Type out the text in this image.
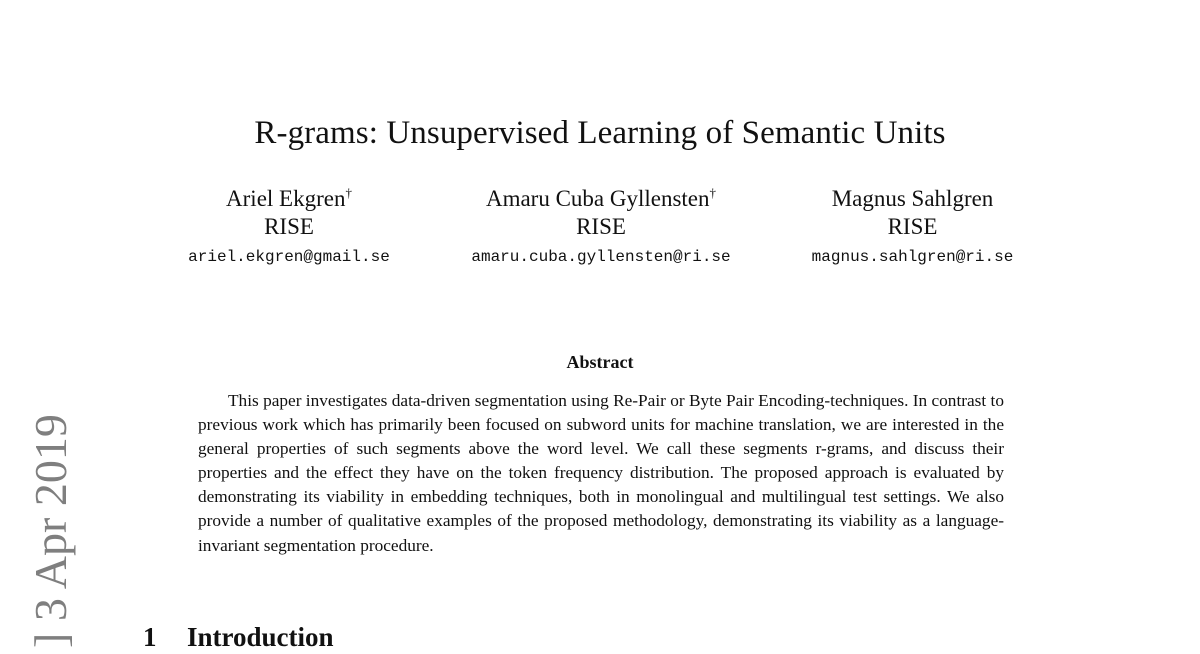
R-grams: Unsupervised Learning of Semantic Units
Ariel Ekgren†
RISE
ariel.ekgren@gmail.se
Amaru Cuba Gyllensten†
RISE
amaru.cuba.gyllensten@ri.se
Magnus Sahlgren
RISE
magnus.sahlgren@ri.se
Abstract
This paper investigates data-driven segmentation using Re-Pair or Byte Pair Encoding-techniques. In contrast to previous work which has primarily been focused on subword units for machine translation, we are interested in the general properties of such segments above the word level. We call these segments r-grams, and discuss their properties and the effect they have on the token frequency distribution. The proposed approach is evaluated by demonstrating its viability in embedding techniques, both in monolingual and multilingual test settings. We also provide a number of qualitative examples of the proposed methodology, demonstrating its viability as a language-invariant segmentation procedure.
1 Introduction
] 3 Apr 2019
